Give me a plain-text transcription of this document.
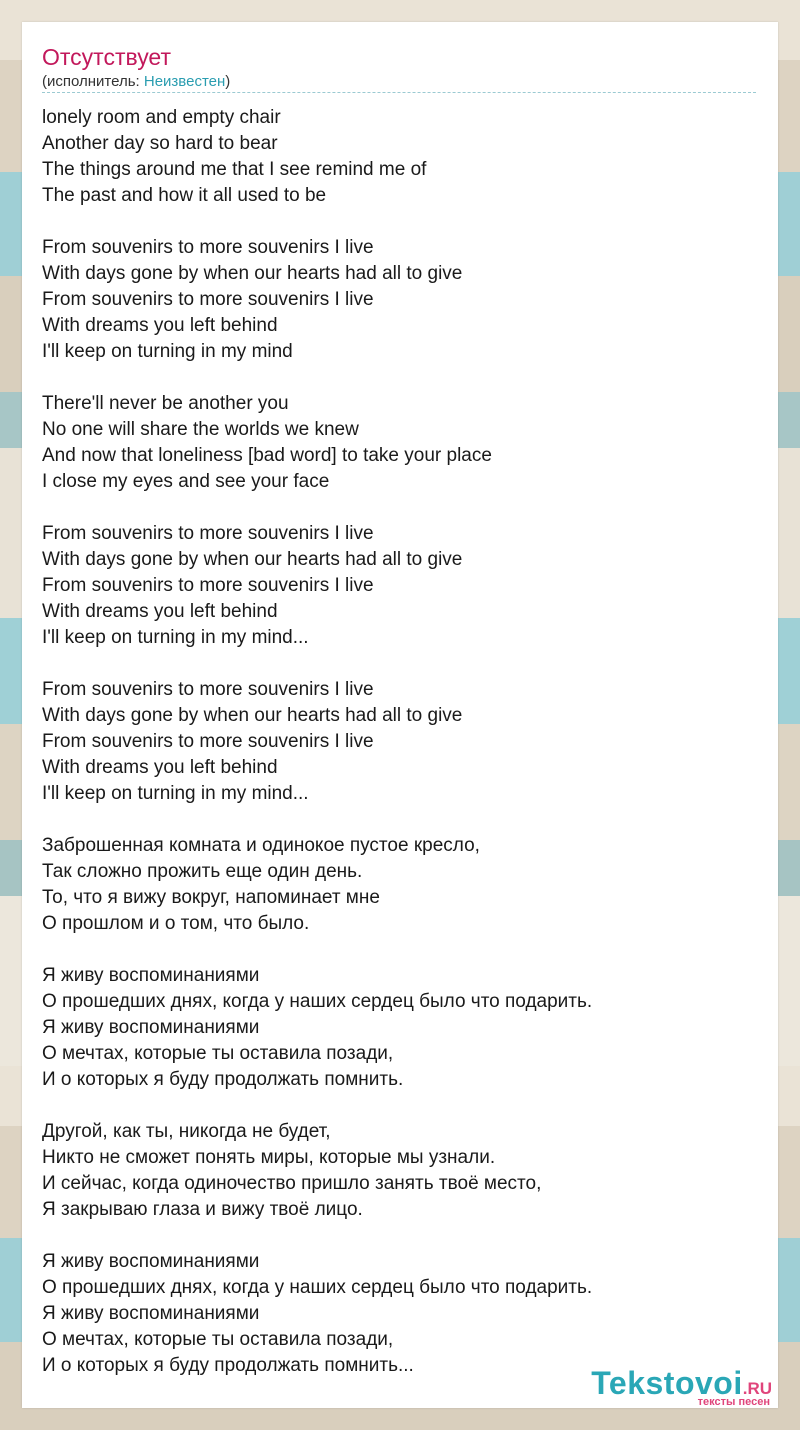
Отсутствует
(исполнитель: Неизвестен)
lonely room and empty chair
Another day so hard to bear
The things around me that I see remind me of
The past and how it all used to be
From souvenirs to more souvenirs I live
With days gone by when our hearts had all to give
From souvenirs to more souvenirs I live
With dreams you left behind
I'll keep on turning in my mind
There'll never be another you
No one will share the worlds we knew
And now that loneliness [bad word] to take your place
I close my eyes and see your face
From souvenirs to more souvenirs I live
With days gone by when our hearts had all to give
From souvenirs to more souvenirs I live
With dreams you left behind
I'll keep on turning in my mind...
From souvenirs to more souvenirs I live
With days gone by when our hearts had all to give
From souvenirs to more souvenirs I live
With dreams you left behind
I'll keep on turning in my mind...
Заброшенная комната и одинокое пустое кресло,
Так сложно прожить еще один день.
То, что я вижу вокруг, напоминает мне
О прошлом и о том, что было.
Я живу воспоминаниями
О прошедших днях, когда у наших сердец было что подарить.
Я живу воспоминаниями
О мечтах, которые ты оставила позади,
И о которых я буду продолжать помнить.
Другой, как ты, никогда не будет,
Никто не сможет понять миры, которые мы узнали.
И сейчас, когда одиночество пришло занять твоё место,
Я закрываю глаза и вижу твоё лицо.
Я живу воспоминаниями
О прошедших днях, когда у наших сердец было что подарить.
Я живу воспоминаниями
О мечтах, которые ты оставила позади,
И о которых я буду продолжать помнить...	Tekstovoi.RU
тексты песен
